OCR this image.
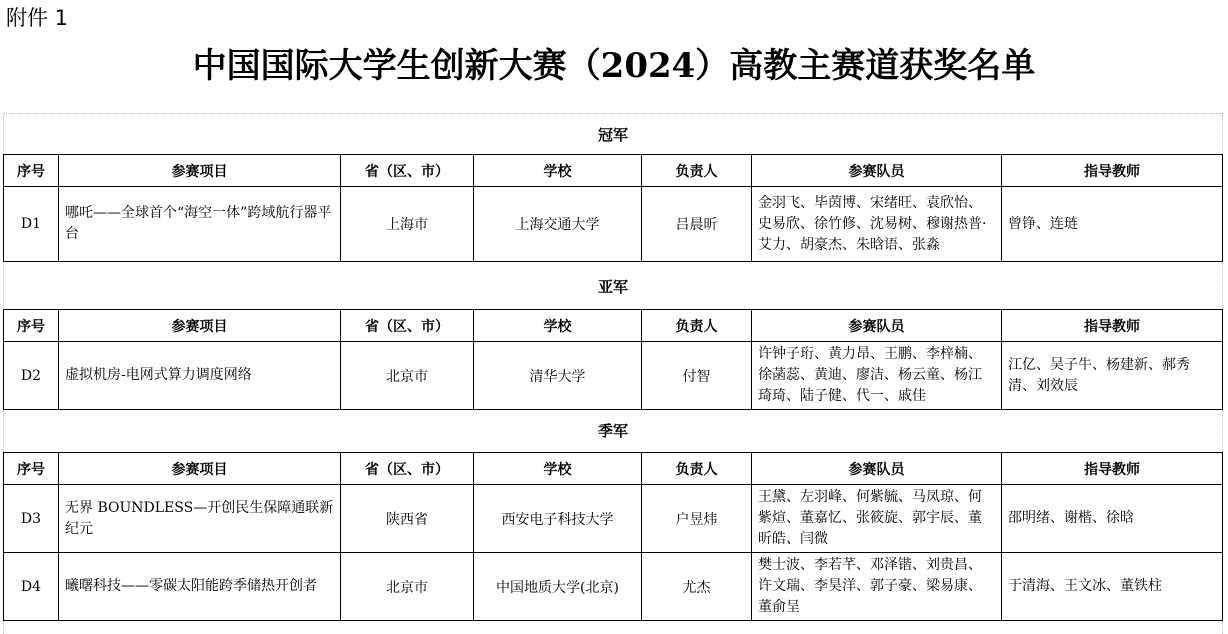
附件 1
中国国际大学生创新大赛（2024）高教主赛道获奖名单
冠军						
序号	参赛项目	省（区、市）	学校	负责人	参赛队员	指导教师
D1	哪吒——全球首个“海空一体”跨域航行器平台	上海市	上海交通大学	吕晨昕	金羽飞、毕茵博、宋绪旺、袁欣怡、史易欣、徐竹修、沈易树、穆谢热普·艾力、胡豪杰、朱晗语、张淼	曾铮、连琏
亚军						
序号	参赛项目	省（区、市）	学校	负责人	参赛队员	指导教师
D2	虚拟机房-电网式算力调度网络	北京市	清华大学	付智	许钟子珩、黄力昂、王鹏、李梓楠、徐菡蕊、黄迪、廖洁、杨云童、杨江琦琦、陆子健、代一、戚佳	江亿、吴子牛、杨建新、郝秀清、刘效辰
季军						
序号	参赛项目	省（区、市）	学校	负责人	参赛队员	指导教师
D3	无界 BOUNDLESS—开创民生保障通联新纪元	陕西省	西安电子科技大学	户昱炜	王黛、左羽峰、何紫毓、马凤琼、何紫煊、董嘉忆、张筱旋、郭宇辰、董昕皓、闫微	邵明绪、谢楷、徐晗
D4	曦曙科技——零碳太阳能跨季储热开创者	北京市	中国地质大学(北京)	尤杰	樊士波、李若芊、邓泽锴、刘贵昌、许文瑞、李昊洋、郭子豪、梁易康、董俞呈	于清海、王文冰、董铁柱
